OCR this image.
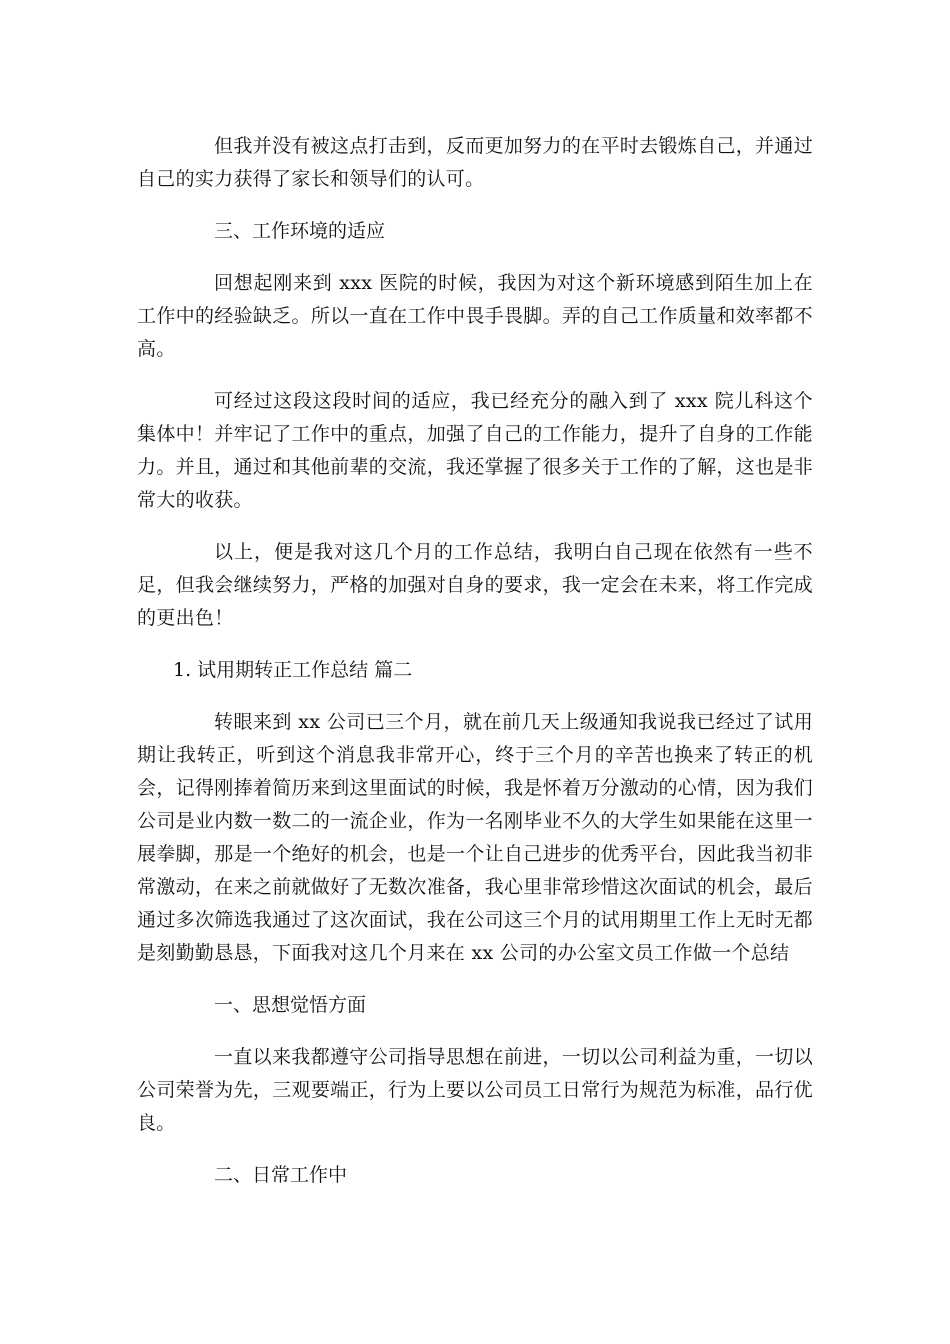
但我并没有被这点打击到，反而更加努力的在平时去锻炼自己，并通过自己的实力获得了家长和领导们的认可。

三、工作环境的适应

回想起刚来到 xxx 医院的时候，我因为对这个新环境感到陌生加上在工作中的经验缺乏。所以一直在工作中畏手畏脚。弄的自己工作质量和效率都不高。

可经过这段这段时间的适应，我已经充分的融入到了 xxx 院儿科这个集体中！并牢记了工作中的重点，加强了自己的工作能力，提升了自身的工作能力。并且，通过和其他前辈的交流，我还掌握了很多关于工作的了解，这也是非常大的收获。

以上，便是我对这几个月的工作总结，我明白自己现在依然有一些不足，但我会继续努力，严格的加强对自身的要求，我一定会在未来，将工作完成的更出色！

1. 试用期转正工作总结 篇二

转眼来到 xx 公司已三个月，就在前几天上级通知我说我已经过了试用期让我转正，听到这个消息我非常开心，终于三个月的辛苦也换来了转正的机会，记得刚捧着简历来到这里面试的时候，我是怀着万分激动的心情，因为我们公司是业内数一数二的一流企业，作为一名刚毕业不久的大学生如果能在这里一展拳脚，那是一个绝好的机会，也是一个让自己进步的优秀平台，因此我当初非常激动，在来之前就做好了无数次准备，我心里非常珍惜这次面试的机会，最后通过多次筛选我通过了这次面试，我在公司这三个月的试用期里工作上无时无都是刻勤勤恳恳，下面我对这几个月来在 xx 公司的办公室文员工作做一个总结

一、思想觉悟方面

一直以来我都遵守公司指导思想在前进，一切以公司利益为重，一切以公司荣誉为先，三观要端正，行为上要以公司员工日常行为规范为标准，品行优良。

二、日常工作中
